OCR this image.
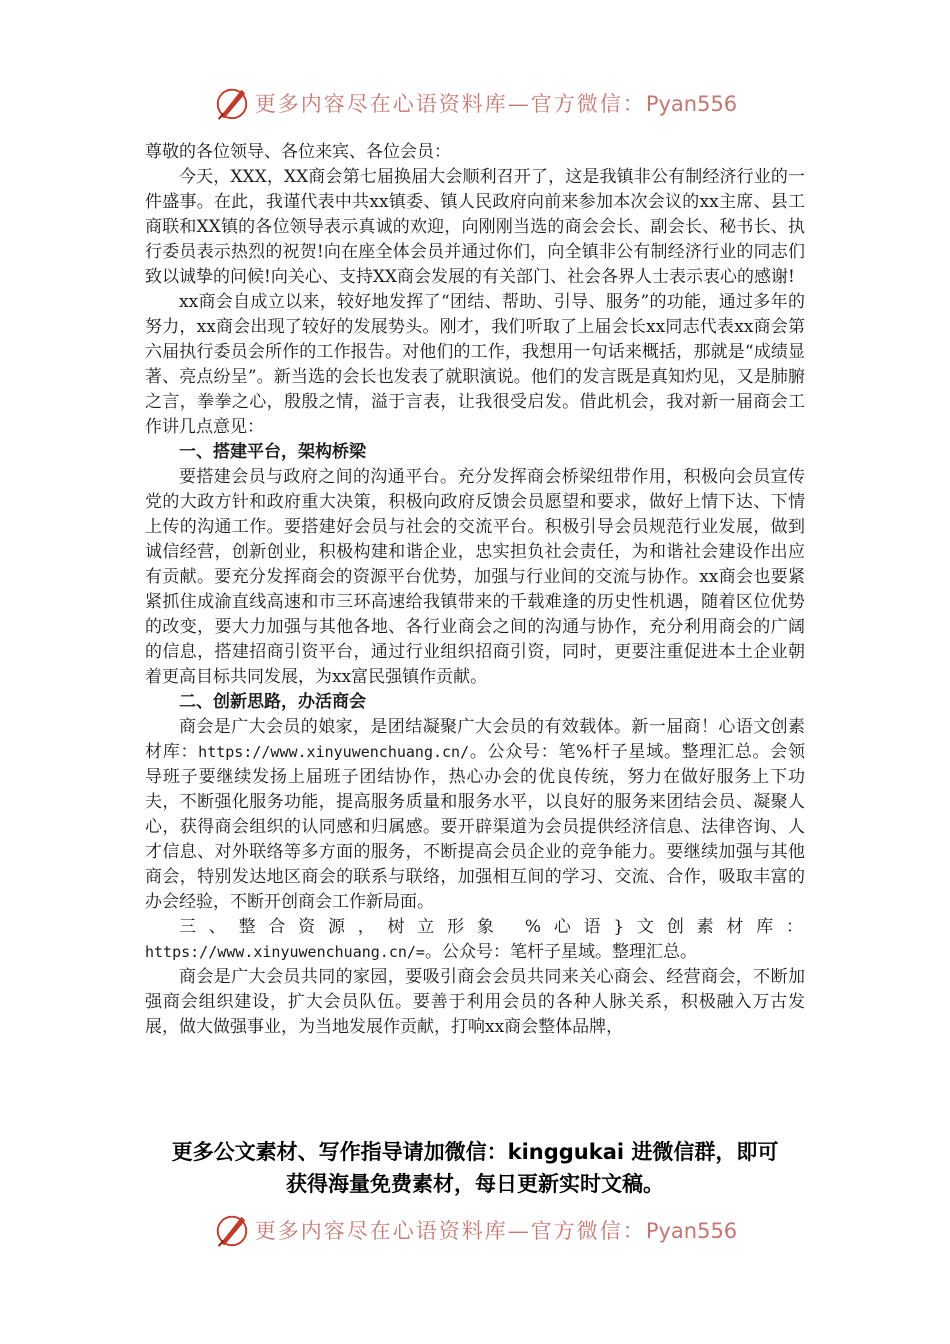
更多内容尽在心语资料库—官方微信：Pyan556

尊敬的各位领导、各位来宾、各位会员：

今天，XXX，XX商会第七届换届大会顺利召开了，这是我镇非公有制经济行业的一件盛事。在此，我谨代表中共xx镇委、镇人民政府向前来参加本次会议的xx主席、县工商联和XX镇的各位领导表示真诚的欢迎，向刚刚当选的商会会长、副会长、秘书长、执行委员表示热烈的祝贺!向在座全体会员并通过你们，向全镇非公有制经济行业的同志们致以诚挚的问候!向关心、支持XX商会发展的有关部门、社会各界人士表示衷心的感谢!

xx商会自成立以来，较好地发挥了“团结、帮助、引导、服务”的功能，通过多年的努力，xx商会出现了较好的发展势头。刚才，我们听取了上届会长xx同志代表xx商会第六届执行委员会所作的工作报告。对他们的工作，我想用一句话来概括，那就是“成绩显著、亮点纷呈”。新当选的会长也发表了就职演说。他们的发言既是真知灼见，又是肺腑之言，拳拳之心，殷殷之情，溢于言表，让我很受启发。借此机会，我对新一届商会工作讲几点意见：

一、搭建平台，架构桥梁

要搭建会员与政府之间的沟通平台。充分发挥商会桥梁纽带作用，积极向会员宣传党的大政方针和政府重大决策，积极向政府反馈会员愿望和要求，做好上情下达、下情上传的沟通工作。要搭建好会员与社会的交流平台。积极引导会员规范行业发展，做到诚信经营，创新创业，积极构建和谐企业，忠实担负社会责任，为和谐社会建设作出应有贡献。要充分发挥商会的资源平台优势，加强与行业间的交流与协作。xx商会也要紧紧抓住成渝直线高速和市三环高速给我镇带来的千载难逢的历史性机遇，随着区位优势的改变，要大力加强与其他各地、各行业商会之间的沟通与协作，充分利用商会的广阔的信息，搭建招商引资平台，通过行业组织招商引资，同时，更要注重促进本土企业朝着更高目标共同发展，为xx富民强镇作贡献。

二、创新思路，办活商会

商会是广大会员的娘家，是团结凝聚广大会员的有效载体。新一届商！心语文创素材库：https://www.xinyuwenchuang.cn/。公众号：笔%杆子星域。整理汇总。会领导班子要继续发扬上届班子团结协作，热心办会的优良传统，努力在做好服务上下功夫，不断强化服务功能，提高服务质量和服务水平，以良好的服务来团结会员、凝聚人心，获得商会组织的认同感和归属感。要开辟渠道为会员提供经济信息、法律咨询、人才信息、对外联络等多方面的服务，不断提高会员企业的竞争能力。要继续加强与其他商会，特别发达地区商会的联系与联络，加强相互间的学习、交流、合作，吸取丰富的办会经验，不断开创商会工作新局面。

三、整合资源，树立形象 %心语}文创素材库：

https://www.xinyuwenchuang.cn/=。公众号：笔杆子星域。整理汇总。

商会是广大会员共同的家园，要吸引商会会员共同来关心商会、经营商会，不断加强商会组织建设，扩大会员队伍。要善于利用会员的各种人脉关系，积极融入万古发展，做大做强事业，为当地发展作贡献，打响xx商会整体品牌，

更多公文素材、写作指导请加微信：kinggukai 进微信群，即可
获得海量免费素材，每日更新实时文稿。
更多内容尽在心语资料库—官方微信：Pyan556
